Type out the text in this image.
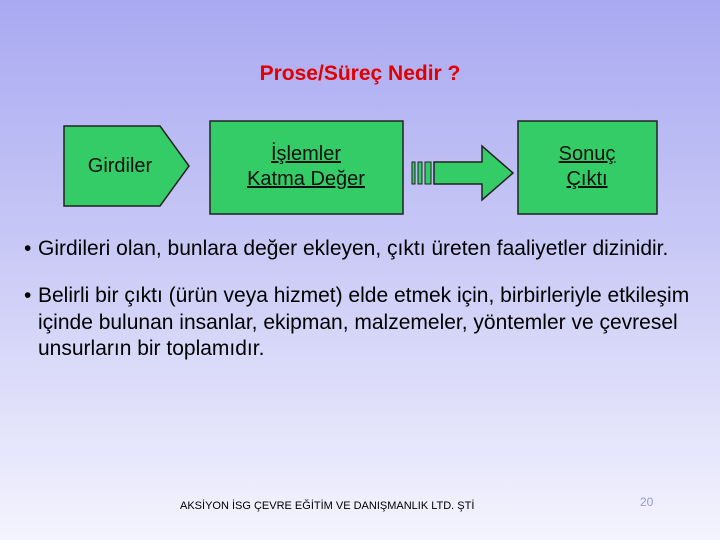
Prose/Süreç Nedir ?
Girdiler
İşlemler
Katma Değer
Sonuç
Çıktı
• Girdileri olan, bunlara değer ekleyen, çıktı üreten faaliyetler dizinidir.
• Belirli bir çıktı (ürün veya hizmet) elde etmek için, birbirleriyle etkileşim içinde bulunan insanlar, ekipman, malzemeler, yöntemler ve çevresel unsurların bir toplamıdır.
AKSİYON İSG ÇEVRE EĞİTİM VE DANIŞMANLIK LTD. ŞTİ	20
